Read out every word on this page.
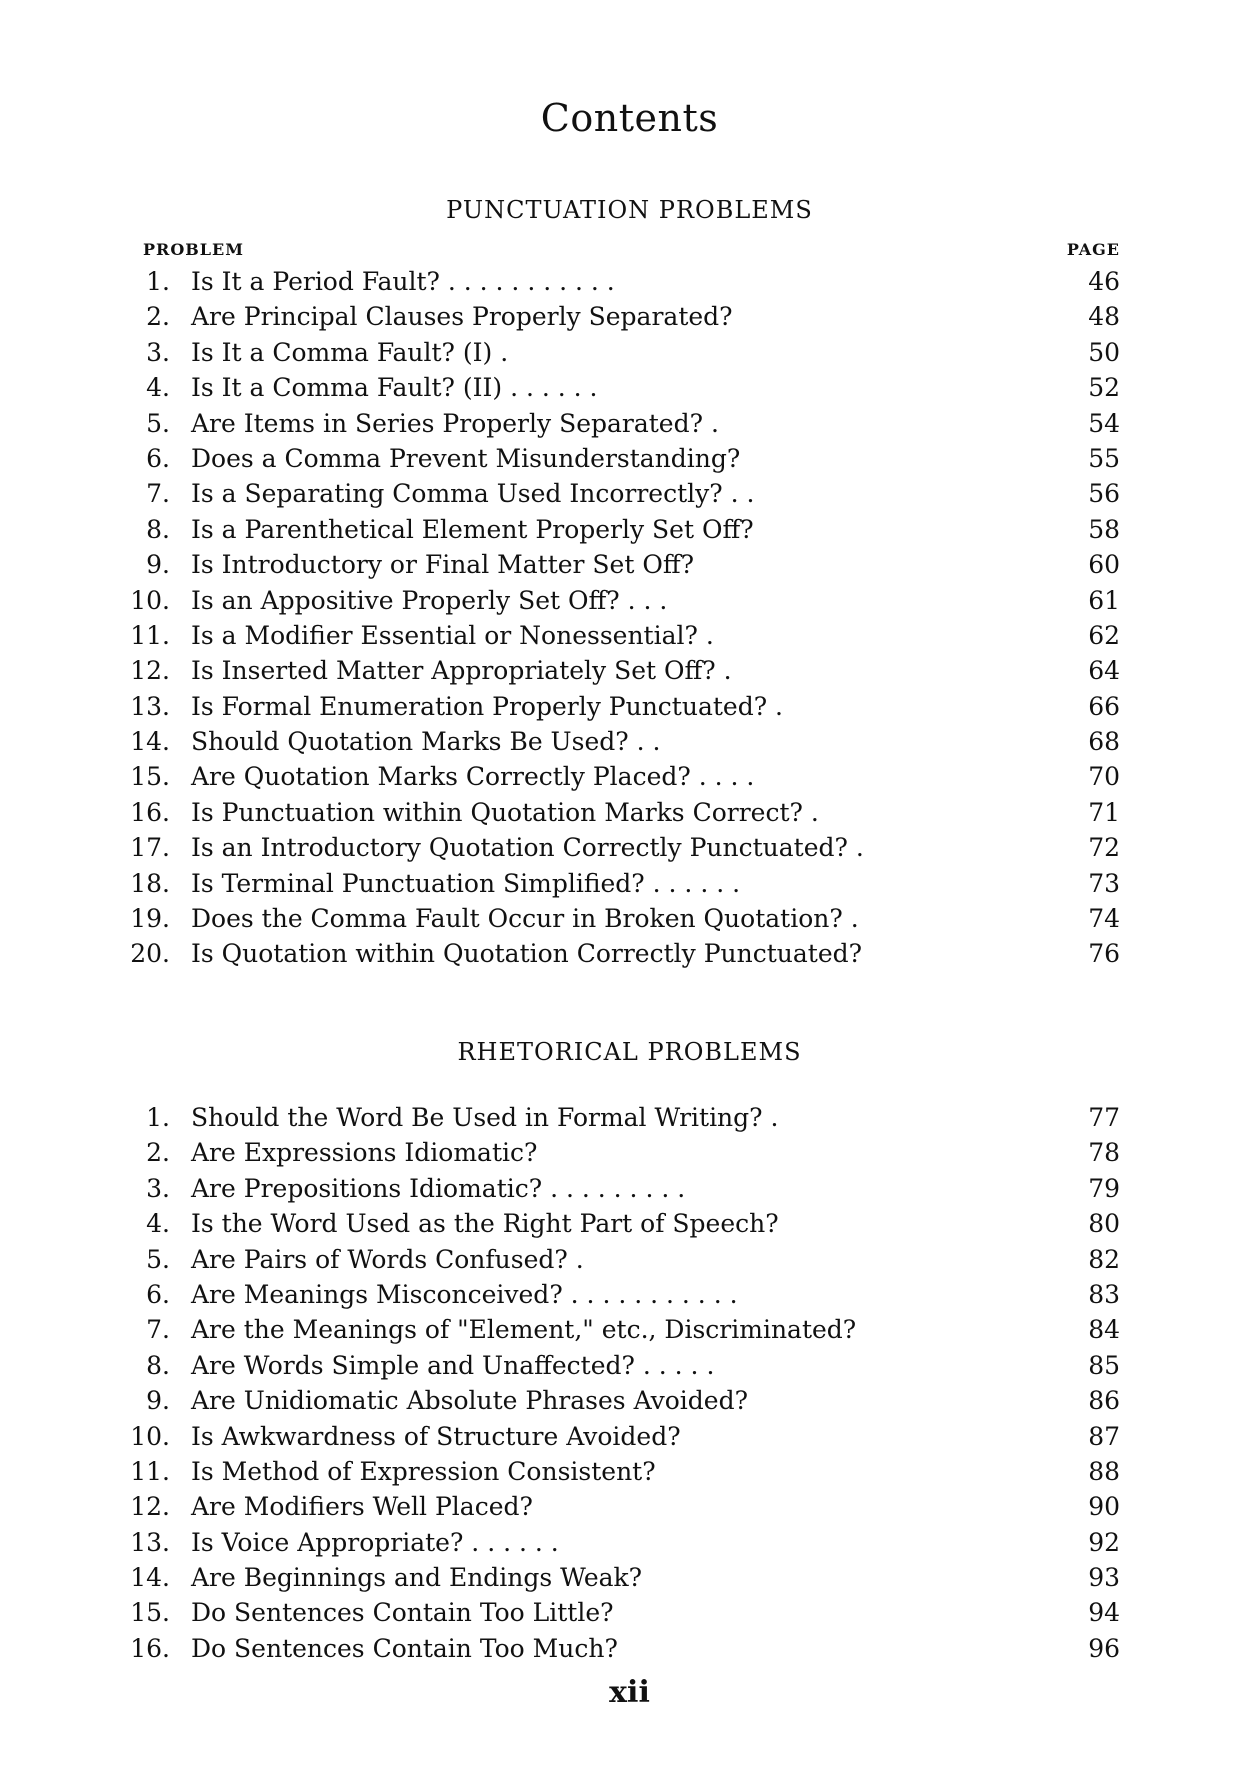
Contents
PUNCTUATION PROBLEMS
PROBLEM	PAGE
1. Is It a Period Fault? . . . . . . . . . . .	46
2. Are Principal Clauses Properly Separated?	48
3. Is It a Comma Fault? (I) .	50
4. Is It a Comma Fault? (II) . . . . . .	52
5. Are Items in Series Properly Separated? .	54
6. Does a Comma Prevent Misunderstanding?	55
7. Is a Separating Comma Used Incorrectly? . .	56
8. Is a Parenthetical Element Properly Set Off?	58
9. Is Introductory or Final Matter Set Off?	60
10. Is an Appositive Properly Set Off? . . .	61
11. Is a Modifier Essential or Nonessential? .	62
12. Is Inserted Matter Appropriately Set Off? .	64
13. Is Formal Enumeration Properly Punctuated? .	66
14. Should Quotation Marks Be Used? . .	68
15. Are Quotation Marks Correctly Placed? . . . .	70
16. Is Punctuation within Quotation Marks Correct? .	71
17. Is an Introductory Quotation Correctly Punctuated? .	72
18. Is Terminal Punctuation Simplified? . . . . . .	73
19. Does the Comma Fault Occur in Broken Quotation? .	74
20. Is Quotation within Quotation Correctly Punctuated?	76
RHETORICAL PROBLEMS
1. Should the Word Be Used in Formal Writing? .	77
2. Are Expressions Idiomatic?	78
3. Are Prepositions Idiomatic? . . . . . . . . .	79
4. Is the Word Used as the Right Part of Speech?	80
5. Are Pairs of Words Confused? .	82
6. Are Meanings Misconceived? . . . . . . . . . . .	83
7. Are the Meanings of "Element," etc., Discriminated?	84
8. Are Words Simple and Unaffected? . . . . .	85
9. Are Unidiomatic Absolute Phrases Avoided?	86
10. Is Awkwardness of Structure Avoided?	87
11. Is Method of Expression Consistent?	88
12. Are Modifiers Well Placed?	90
13. Is Voice Appropriate? . . . . . .	92
14. Are Beginnings and Endings Weak?	93
15. Do Sentences Contain Too Little?	94
16. Do Sentences Contain Too Much?	96
xii
